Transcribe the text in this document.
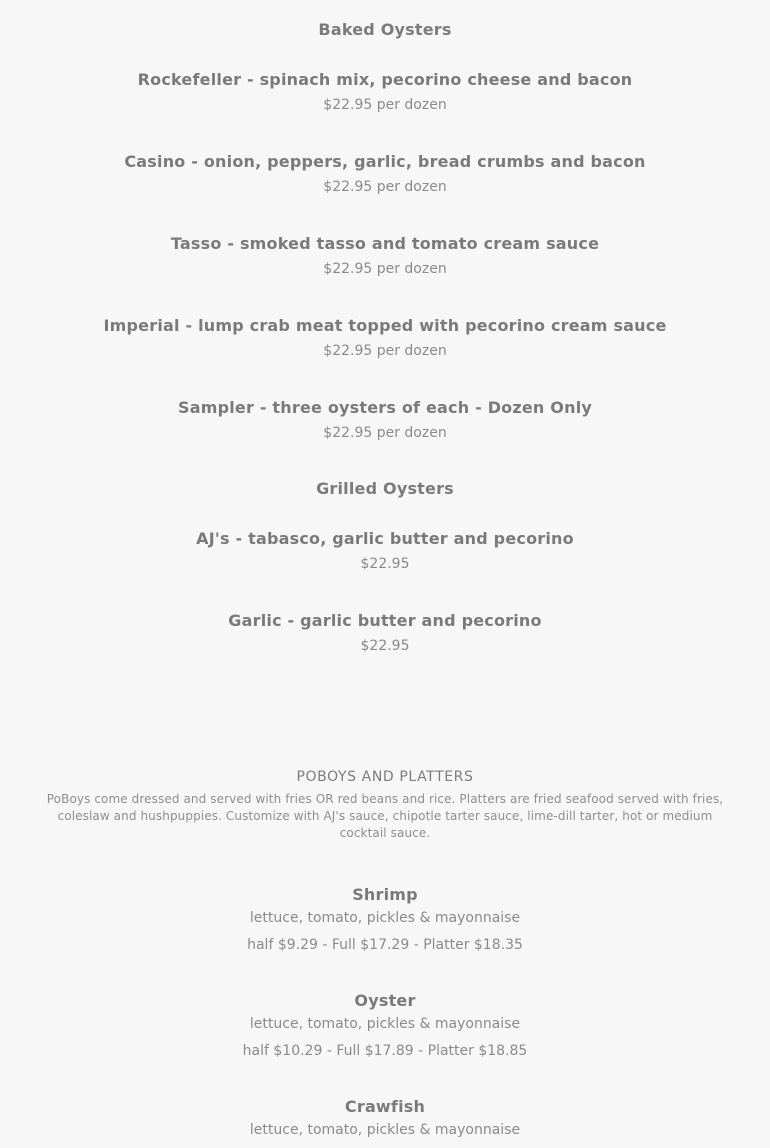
Baked Oysters
Rockefeller - spinach mix, pecorino cheese and bacon
$22.95 per dozen
Casino - onion, peppers, garlic, bread crumbs and bacon
$22.95 per dozen
Tasso - smoked tasso and tomato cream sauce
$22.95 per dozen
Imperial - lump crab meat topped with pecorino cream sauce
$22.95 per dozen
Sampler - three oysters of each - Dozen Only
$22.95 per dozen
Grilled Oysters
AJ's - tabasco, garlic butter and pecorino
$22.95
Garlic - garlic butter and pecorino
$22.95
POBOYS AND PLATTERS
PoBoys come dressed and served with fries OR red beans and rice. Platters are fried seafood served with fries, coleslaw and hushpuppies. Customize with AJ's sauce, chipotle tarter sauce, lime-dill tarter, hot or medium cocktail sauce.
Shrimp
lettuce, tomato, pickles & mayonnaise
half $9.29 - Full $17.29 - Platter $18.35
Oyster
lettuce, tomato, pickles & mayonnaise
half $10.29 - Full $17.89 - Platter $18.85
Crawfish
lettuce, tomato, pickles & mayonnaise
